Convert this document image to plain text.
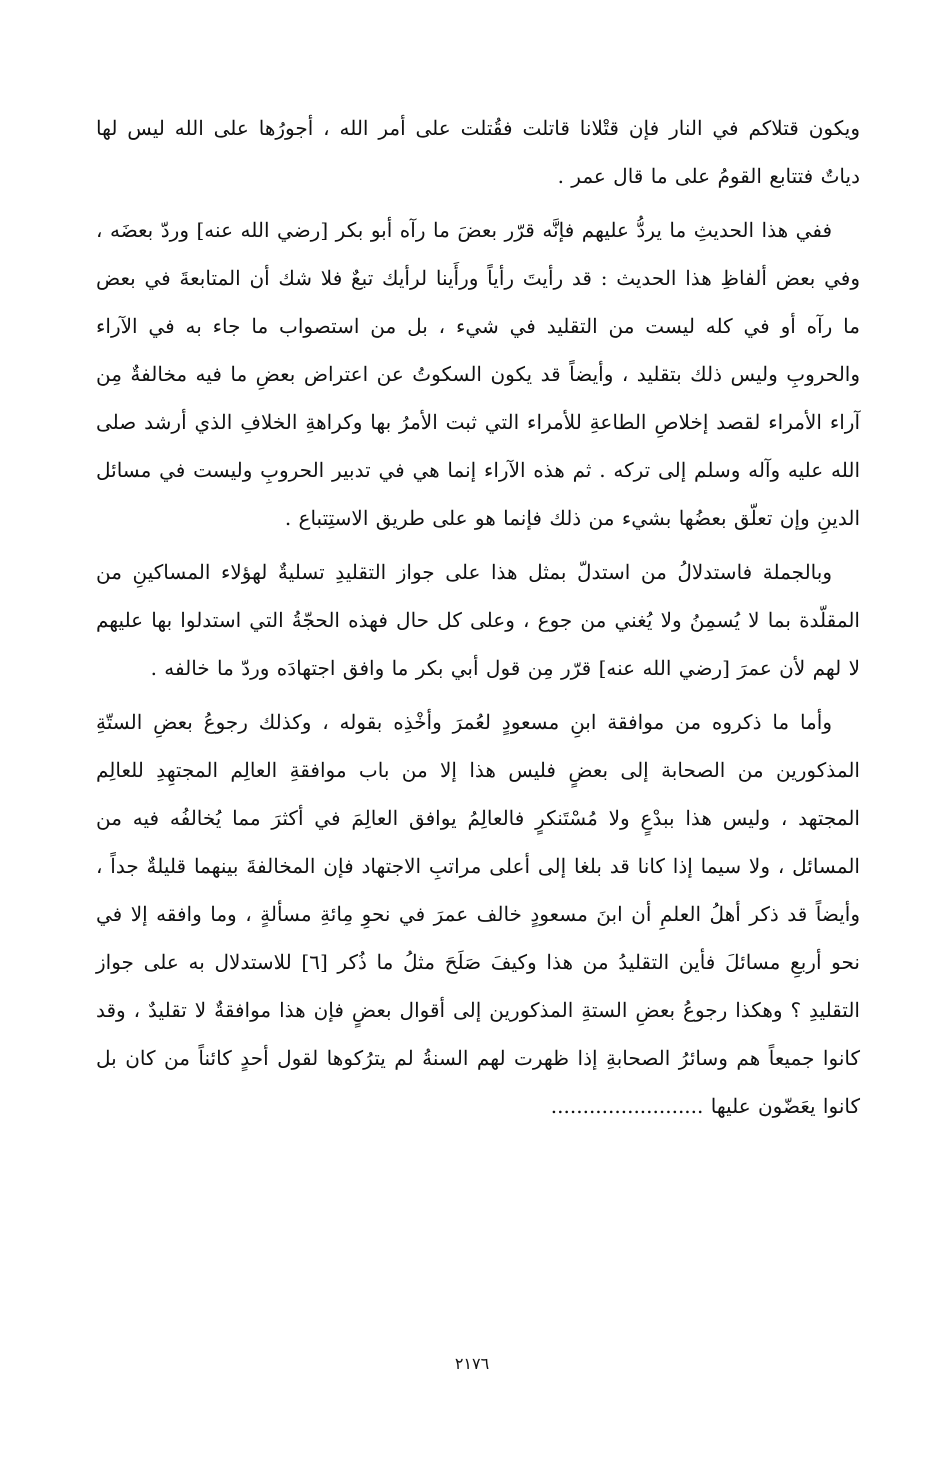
ويكون قتلاكم في النار فإن قتْلانا قاتلت فقُتلت على أمر الله ، أجورُها على الله ليس لها دياتٌ فتتابع القومُ على ما قال عمر .

ففي هذا الحديثِ ما يردُّ عليهم فإنَّه قرّر بعضَ ما رآه أبو بكر [رضي الله عنه] وردّ بعضَه ، وفي بعض ألفاظِ هذا الحديث : قد رأيتَ رأياً ورأَينا لرأيك تبعٌ فلا شك أن المتابعةَ في بعض ما رآه أو في كله ليست من التقليد في شيء ، بل من استصواب ما جاء به في الآراء والحروبِ وليس ذلك بتقليد ، وأيضاً قد يكون السكوتُ عن اعتراض بعضِ ما فيه مخالفةٌ مِن آراء الأمراء لقصد إخلاصِ الطاعةِ للأمراء التي ثبت الأمرُ بها وكراهةِ الخلافِ الذي أرشد صلى الله عليه وآله وسلم إلى تركه . ثم هذه الآراء إنما هي في تدبير الحروبِ وليست في مسائل الدينِ وإن تعلّق بعضُها بشيء من ذلك فإنما هو على طريق الاستِتباع .

وبالجملة فاستدلالُ من استدلّ بمثل هذا على جواز التقليدِ تسليةٌ لهؤلاء المساكينِ من المقلّدة بما لا يُسمِنُ ولا يُغني من جوع ، وعلى كل حال فهذه الحجّةُ التي استدلوا بها عليهم لا لهم لأن عمرَ [رضي الله عنه] قرّر مِن قول أبي بكر ما وافق اجتهادَه وردّ ما خالفه .

وأما ما ذكروه من موافقة ابنِ مسعودٍ لعُمرَ وأخْذِه بقوله ، وكذلك رجوعُ بعضِ الستّةِ المذكورين من الصحابة إلى بعضٍ فليس هذا إلا من باب موافقةِ العالِم المجتهِدِ للعالِم المجتهد ، وليس هذا ببدْعٍ ولا مُسْتَنكرٍ فالعالِمُ يوافق العالِمَ في أكثرَ مما يُخالفُه فيه من المسائل ، ولا سيما إذا كانا قد بلغا إلى أعلى مراتبِ الاجتهاد فإن المخالفةَ بينهما قليلةٌ جداً ، وأيضاً قد ذكر أهلُ العلمِ أن ابنَ مسعودٍ خالف عمرَ في نحوِ مِائةِ مسألةٍ ، وما وافقه إلا في نحو أربعِ مسائلَ فأين التقليدُ من هذا وكيفَ صَلَحَ مثلُ ما ذُكر [٦] للاستدلال به على جواز التقليدِ ؟ وهكذا رجوعُ بعضِ الستةِ المذكورين إلى أقوال بعضٍ فإن هذا موافقةٌ لا تقليدٌ ، وقد كانوا جميعاً هم وسائرُ الصحابةِ إذا ظهرت لهم السنةُ لم يترُكوها لقول أحدٍ كائناً من كان بل كانوا يعَضّون عليها ........................

٢١٧٦
